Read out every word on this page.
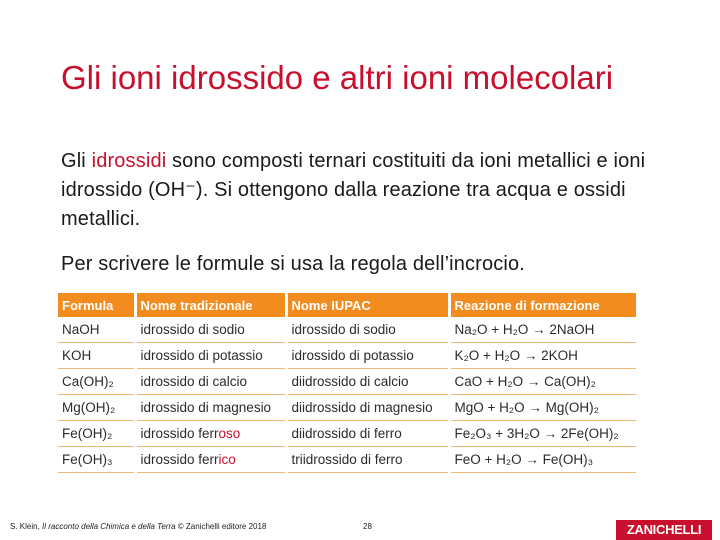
Gli ioni idrossido e altri ioni molecolari
Gli idrossidi sono composti ternari costituiti da ioni metallici e ioni idrossido (OH⁻). Si ottengono dalla reazione tra acqua e ossidi metallici.
Per scrivere le formule si usa la regola dell’incrocio.
Formula	Nome tradizionale	Nome IUPAC	Reazione di formazione
NaOH	idrossido di sodio	idrossido di sodio	Na₂O + H₂O → 2NaOH
KOH	idrossido di potassio	idrossido di potassio	K₂O + H₂O → 2KOH
Ca(OH)₂	idrossido di calcio	diidrossido di calcio	CaO + H₂O → Ca(OH)₂
Mg(OH)₂	idrossido di magnesio	diidrossido di magnesio	MgO + H₂O → Mg(OH)₂
Fe(OH)₂	idrossido ferroso	diidrossido di ferro	Fe₂O₃ + 3H₂O → 2Fe(OH)₂
Fe(OH)₃	idrossido ferrico	triidrossido di ferro	FeO + H₂O → Fe(OH)₃
S. Klein, Il racconto della Chimica e della Terra © Zanichelli editore 2018	28	ZANICHELLI
